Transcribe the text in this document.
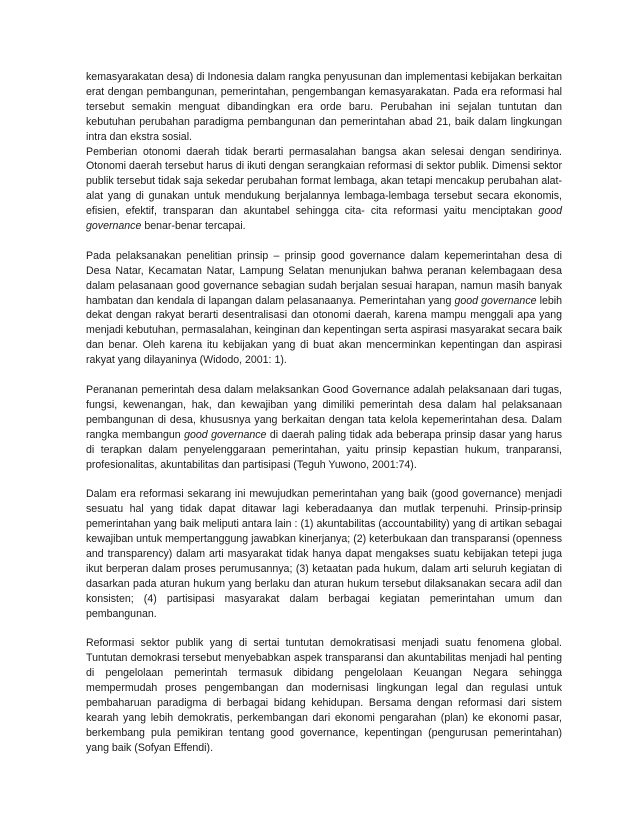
kemasyarakatan desa) di Indonesia dalam rangka penyusunan dan implementasi kebijakan berkaitan erat dengan pembangunan, pemerintahan, pengembangan kemasyarakatan. Pada era reformasi hal tersebut semakin menguat dibandingkan era orde baru. Perubahan ini sejalan tuntutan dan kebutuhan perubahan paradigma pembangunan dan pemerintahan abad 21, baik dalam lingkungan intra dan ekstra sosial.

Pemberian otonomi daerah tidak berarti permasalahan bangsa akan selesai dengan sendirinya. Otonomi daerah tersebut harus di ikuti dengan serangkaian reformasi di sektor publik. Dimensi sektor publik tersebut tidak saja sekedar perubahan format lembaga, akan tetapi mencakup perubahan alat-alat yang di gunakan untuk mendukung berjalannya lembaga-lembaga tersebut secara ekonomis, efisien, efektif, transparan dan akuntabel sehingga cita- cita reformasi yaitu menciptakan good governance benar-benar tercapai.

Pada pelaksanakan penelitian prinsip – prinsip good governance dalam kepemerintahan desa di Desa Natar, Kecamatan Natar, Lampung Selatan menunjukan bahwa peranan kelembagaan desa dalam pelasanaan good governance sebagian sudah berjalan sesuai harapan, namun masih banyak hambatan dan kendala di lapangan dalam pelasanaanya. Pemerintahan yang good governance lebih dekat dengan rakyat berarti desentralisasi dan otonomi daerah, karena mampu menggali apa yang menjadi kebutuhan, permasalahan, keinginan dan kepentingan serta aspirasi masyarakat secara baik dan benar. Oleh karena itu kebijakan yang di buat akan mencerminkan kepentingan dan aspirasi rakyat yang dilayaninya (Widodo, 2001: 1).

Perananan pemerintah desa dalam melaksankan Good Governance adalah pelaksanaan dari tugas, fungsi, kewenangan, hak, dan kewajiban yang dimiliki pemerintah desa dalam hal pelaksanaan pembangunan di desa, khususnya yang berkaitan dengan tata kelola kepemerintahan desa. Dalam rangka membangun good governance di daerah paling tidak ada beberapa prinsip dasar yang harus di terapkan dalam penyelenggaraan pemerintahan, yaitu prinsip kepastian hukum, tranparansi, profesionalitas, akuntabilitas dan partisipasi (Teguh Yuwono, 2001:74).

Dalam era reformasi sekarang ini mewujudkan pemerintahan yang baik (good governance) menjadi sesuatu hal yang tidak dapat ditawar lagi keberadaanya dan mutlak terpenuhi. Prinsip-prinsip pemerintahan yang baik meliputi antara lain : (1) akuntabilitas (accountability) yang di artikan sebagai kewajiban untuk mempertanggung jawabkan kinerjanya; (2) keterbukaan dan transparansi (openness and transparency) dalam arti masyarakat tidak hanya dapat mengakses suatu kebijakan tetepi juga ikut berperan dalam proses perumusannya; (3) ketaatan pada hukum, dalam arti seluruh kegiatan di dasarkan pada aturan hukum yang berlaku dan aturan hukum tersebut dilaksanakan secara adil dan konsisten; (4) partisipasi masyarakat dalam berbagai kegiatan pemerintahan umum dan pembangunan.

Reformasi sektor publik yang di sertai tuntutan demokratisasi menjadi suatu fenomena global. Tuntutan demokrasi tersebut menyebabkan aspek transparansi dan akuntabilitas menjadi hal penting di pengelolaan pemerintah termasuk dibidang pengelolaan Keuangan Negara sehingga mempermudah proses pengembangan dan modernisasi lingkungan legal dan regulasi untuk pembaharuan paradigma di berbagai bidang kehidupan. Bersama dengan reformasi dari sistem kearah yang lebih demokratis, perkembangan dari ekonomi pengarahan (plan) ke ekonomi pasar, berkembang pula pemikiran tentang good governance, kepentingan (pengurusan pemerintahan) yang baik (Sofyan Effendi).
